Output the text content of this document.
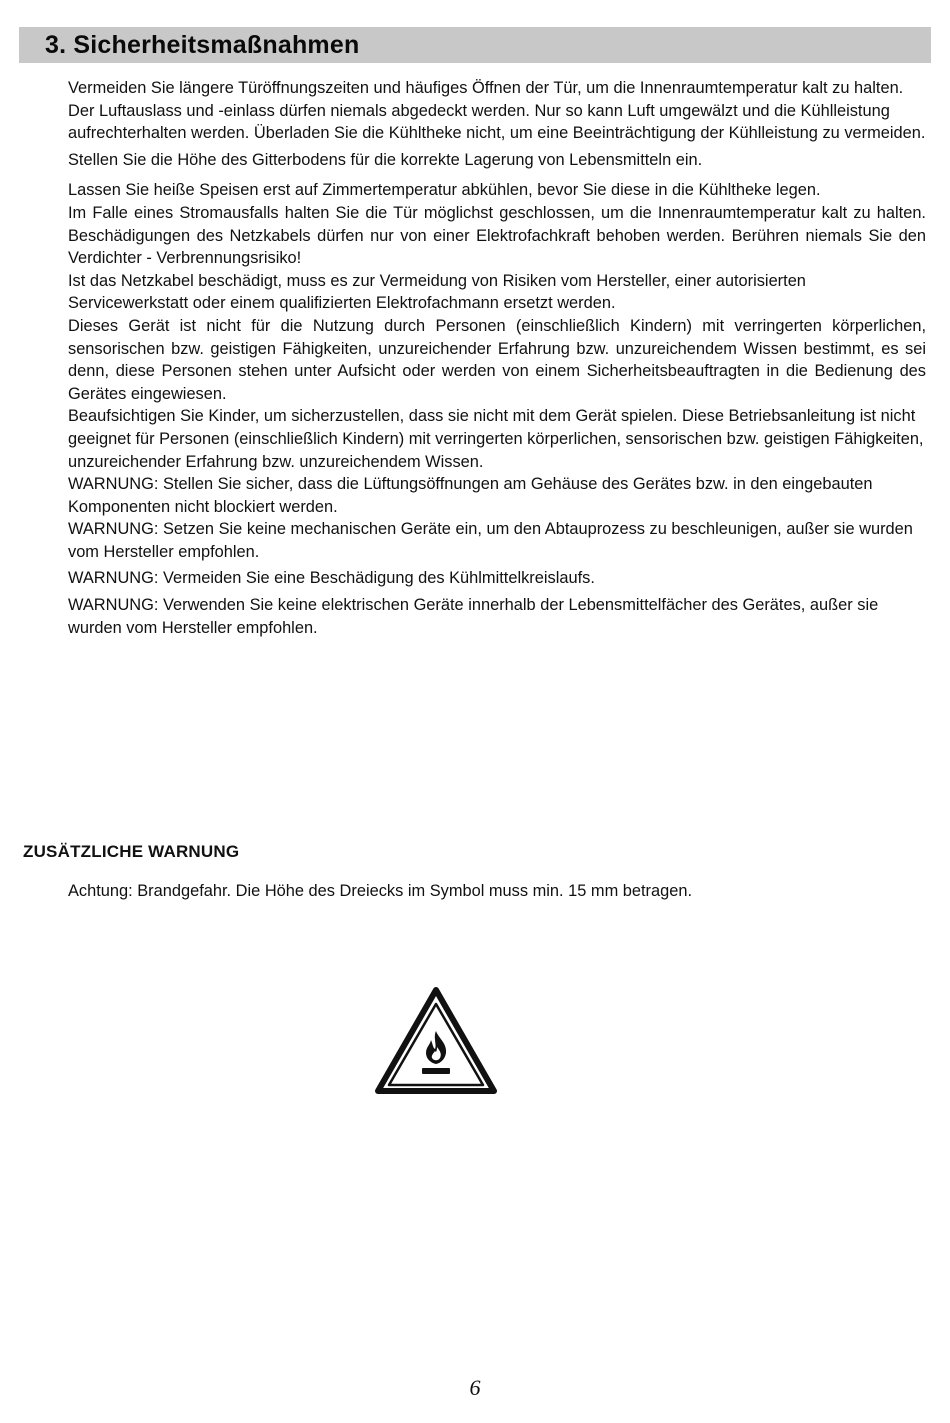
3. Sicherheitsmaßnahmen

Vermeiden Sie längere Türöffnungszeiten und häufiges Öffnen der Tür, um die Innenraumtemperatur kalt zu halten.

Der Luftauslass und -einlass dürfen niemals abgedeckt werden. Nur so kann Luft umgewälzt und die Kühlleistung aufrechterhalten werden. Überladen Sie die Kühltheke nicht, um eine Beeinträchtigung der Kühlleistung zu vermeiden.

Stellen Sie die Höhe des Gitterbodens für die korrekte Lagerung von Lebensmitteln ein.

Lassen Sie heiße Speisen erst auf Zimmertemperatur abkühlen, bevor Sie diese in die Kühltheke legen.

Im Falle eines Stromausfalls halten Sie die Tür möglichst geschlossen, um die Innenraumtemperatur kalt zu halten. Beschädigungen des Netzkabels dürfen nur von einer Elektrofachkraft behoben werden. Berühren niemals Sie den Verdichter - Verbrennungsrisiko!

Ist das Netzkabel beschädigt, muss es zur Vermeidung von Risiken vom Hersteller, einer autorisierten Servicewerkstatt oder einem qualifizierten Elektrofachmann ersetzt werden.

Dieses Gerät ist nicht für die Nutzung durch Personen (einschließlich Kindern) mit verringerten körperlichen, sensorischen bzw. geistigen Fähigkeiten, unzureichender Erfahrung bzw. unzureichendem Wissen bestimmt, es sei denn, diese Personen stehen unter Aufsicht oder werden von einem Sicherheitsbeauftragten in die Bedienung des Gerätes eingewiesen.

Beaufsichtigen Sie Kinder, um sicherzustellen, dass sie nicht mit dem Gerät spielen. Diese Betriebsanleitung ist nicht geeignet für Personen (einschließlich Kindern) mit verringerten körperlichen, sensorischen bzw. geistigen Fähigkeiten, unzureichender Erfahrung bzw. unzureichendem Wissen.

WARNUNG: Stellen Sie sicher, dass die Lüftungsöffnungen am Gehäuse des Gerätes bzw. in den eingebauten Komponenten nicht blockiert werden.

WARNUNG: Setzen Sie keine mechanischen Geräte ein, um den Abtauprozess zu beschleunigen, außer sie wurden vom Hersteller empfohlen.

WARNUNG: Vermeiden Sie eine Beschädigung des Kühlmittelkreislaufs.

WARNUNG: Verwenden Sie keine elektrischen Geräte innerhalb der Lebensmittelfächer des Gerätes, außer sie wurden vom Hersteller empfohlen.

ZUSÄTZLICHE WARNUNG
Achtung: Brandgefahr. Die Höhe des Dreiecks im Symbol muss min. 15 mm betragen.
6
